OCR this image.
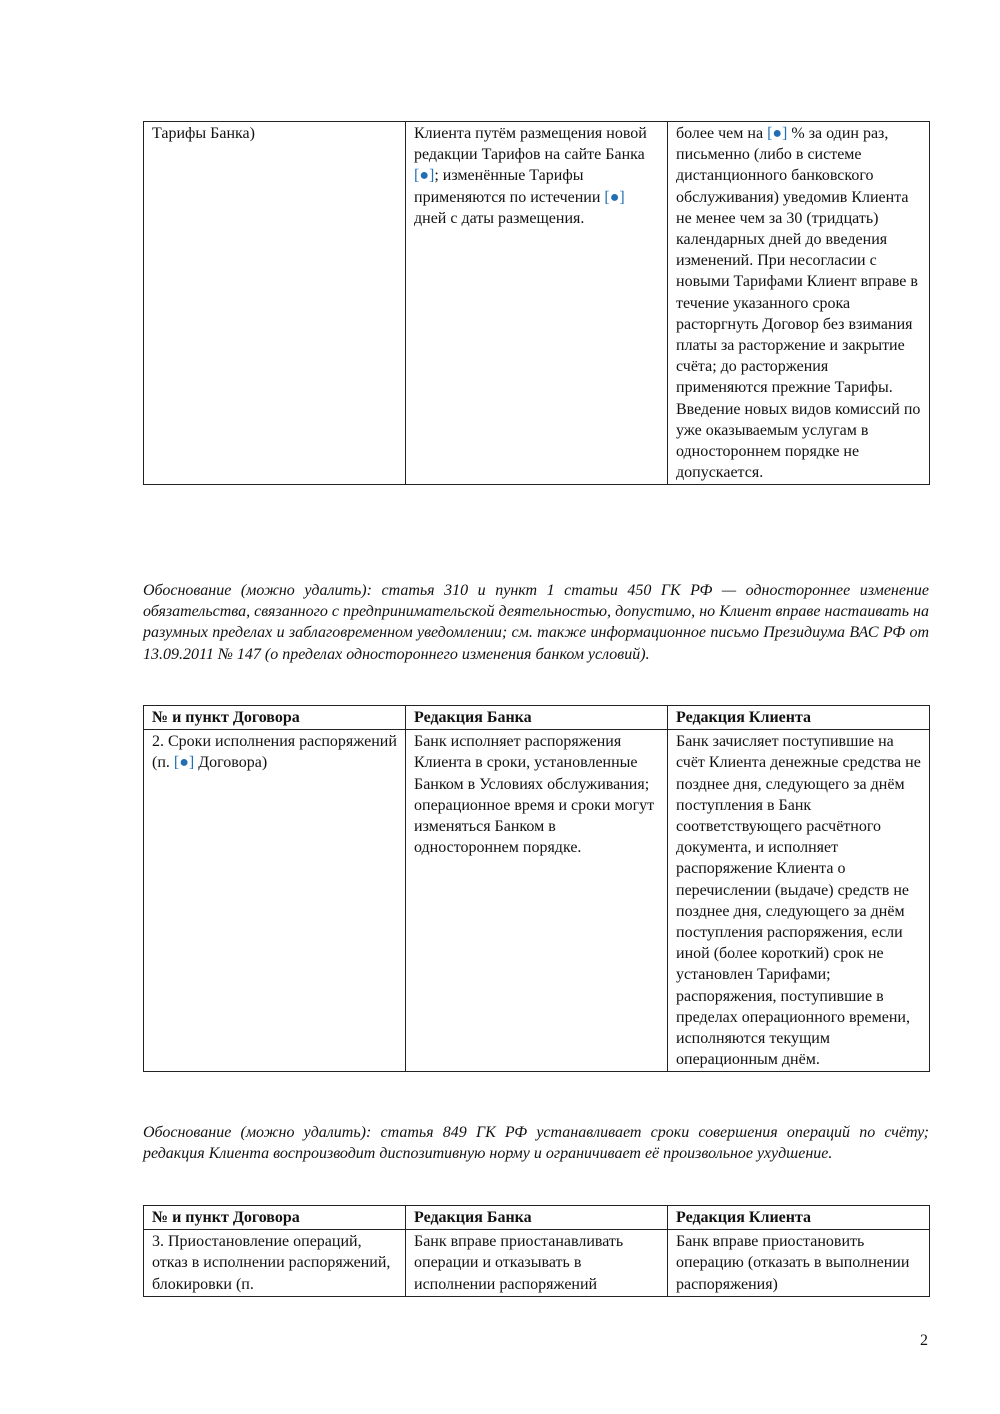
Тарифы Банка)	Клиента путём размещения новой редакции Тарифов на сайте Банка [●]; изменённые Тарифы применяются по истечении [●] дней с даты размещения.	более чем на [●] % за один раз, письменно (либо в системе дистанционного банковского обслуживания) уведомив Клиента не менее чем за 30 (тридцать) календарных дней до введения изменений. При несогласии с новыми Тарифами Клиент вправе в течение указанного срока расторгнуть Договор без взимания платы за расторжение и закрытие счёта; до расторжения применяются прежние Тарифы. Введение новых видов комиссий по уже оказываемым услугам в одностороннем порядке не допускается.

Обоснование (можно удалить): статья 310 и пункт 1 статьи 450 ГК РФ — одностороннее изменение обязательства, связанного с предпринимательской деятельностью, допустимо, но Клиент вправе настаивать на разумных пределах и заблаговременном уведомлении; см. также информационное письмо Президиума ВАС РФ от 13.09.2011 № 147 (о пределах одностороннего изменения банком условий).

№ и пункт Договора	Редакция Банка	Редакция Клиента
2. Сроки исполнения распоряжений (п. [●] Договора)	Банк исполняет распоряжения Клиента в сроки, установленные Банком в Условиях обслуживания; операционное время и сроки могут изменяться Банком в одностороннем порядке.	Банк зачисляет поступившие на счёт Клиента денежные средства не позднее дня, следующего за днём поступления в Банк соответствующего расчётного документа, и исполняет распоряжение Клиента о перечислении (выдаче) средств не позднее дня, следующего за днём поступления распоряжения, если иной (более короткий) срок не установлен Тарифами; распоряжения, поступившие в пределах операционного времени, исполняются текущим операционным днём.

Обоснование (можно удалить): статья 849 ГК РФ устанавливает сроки совершения операций по счёту; редакция Клиента воспроизводит диспозитивную норму и ограничивает её произвольное ухудшение.

№ и пункт Договора	Редакция Банка	Редакция Клиента
3. Приостановление операций, отказ в исполнении распоряжений, блокировки (п.	Банк вправе приостанавливать операции и отказывать в исполнении распоряжений	Банк вправе приостановить операцию (отказать в выполнении распоряжения)
2
